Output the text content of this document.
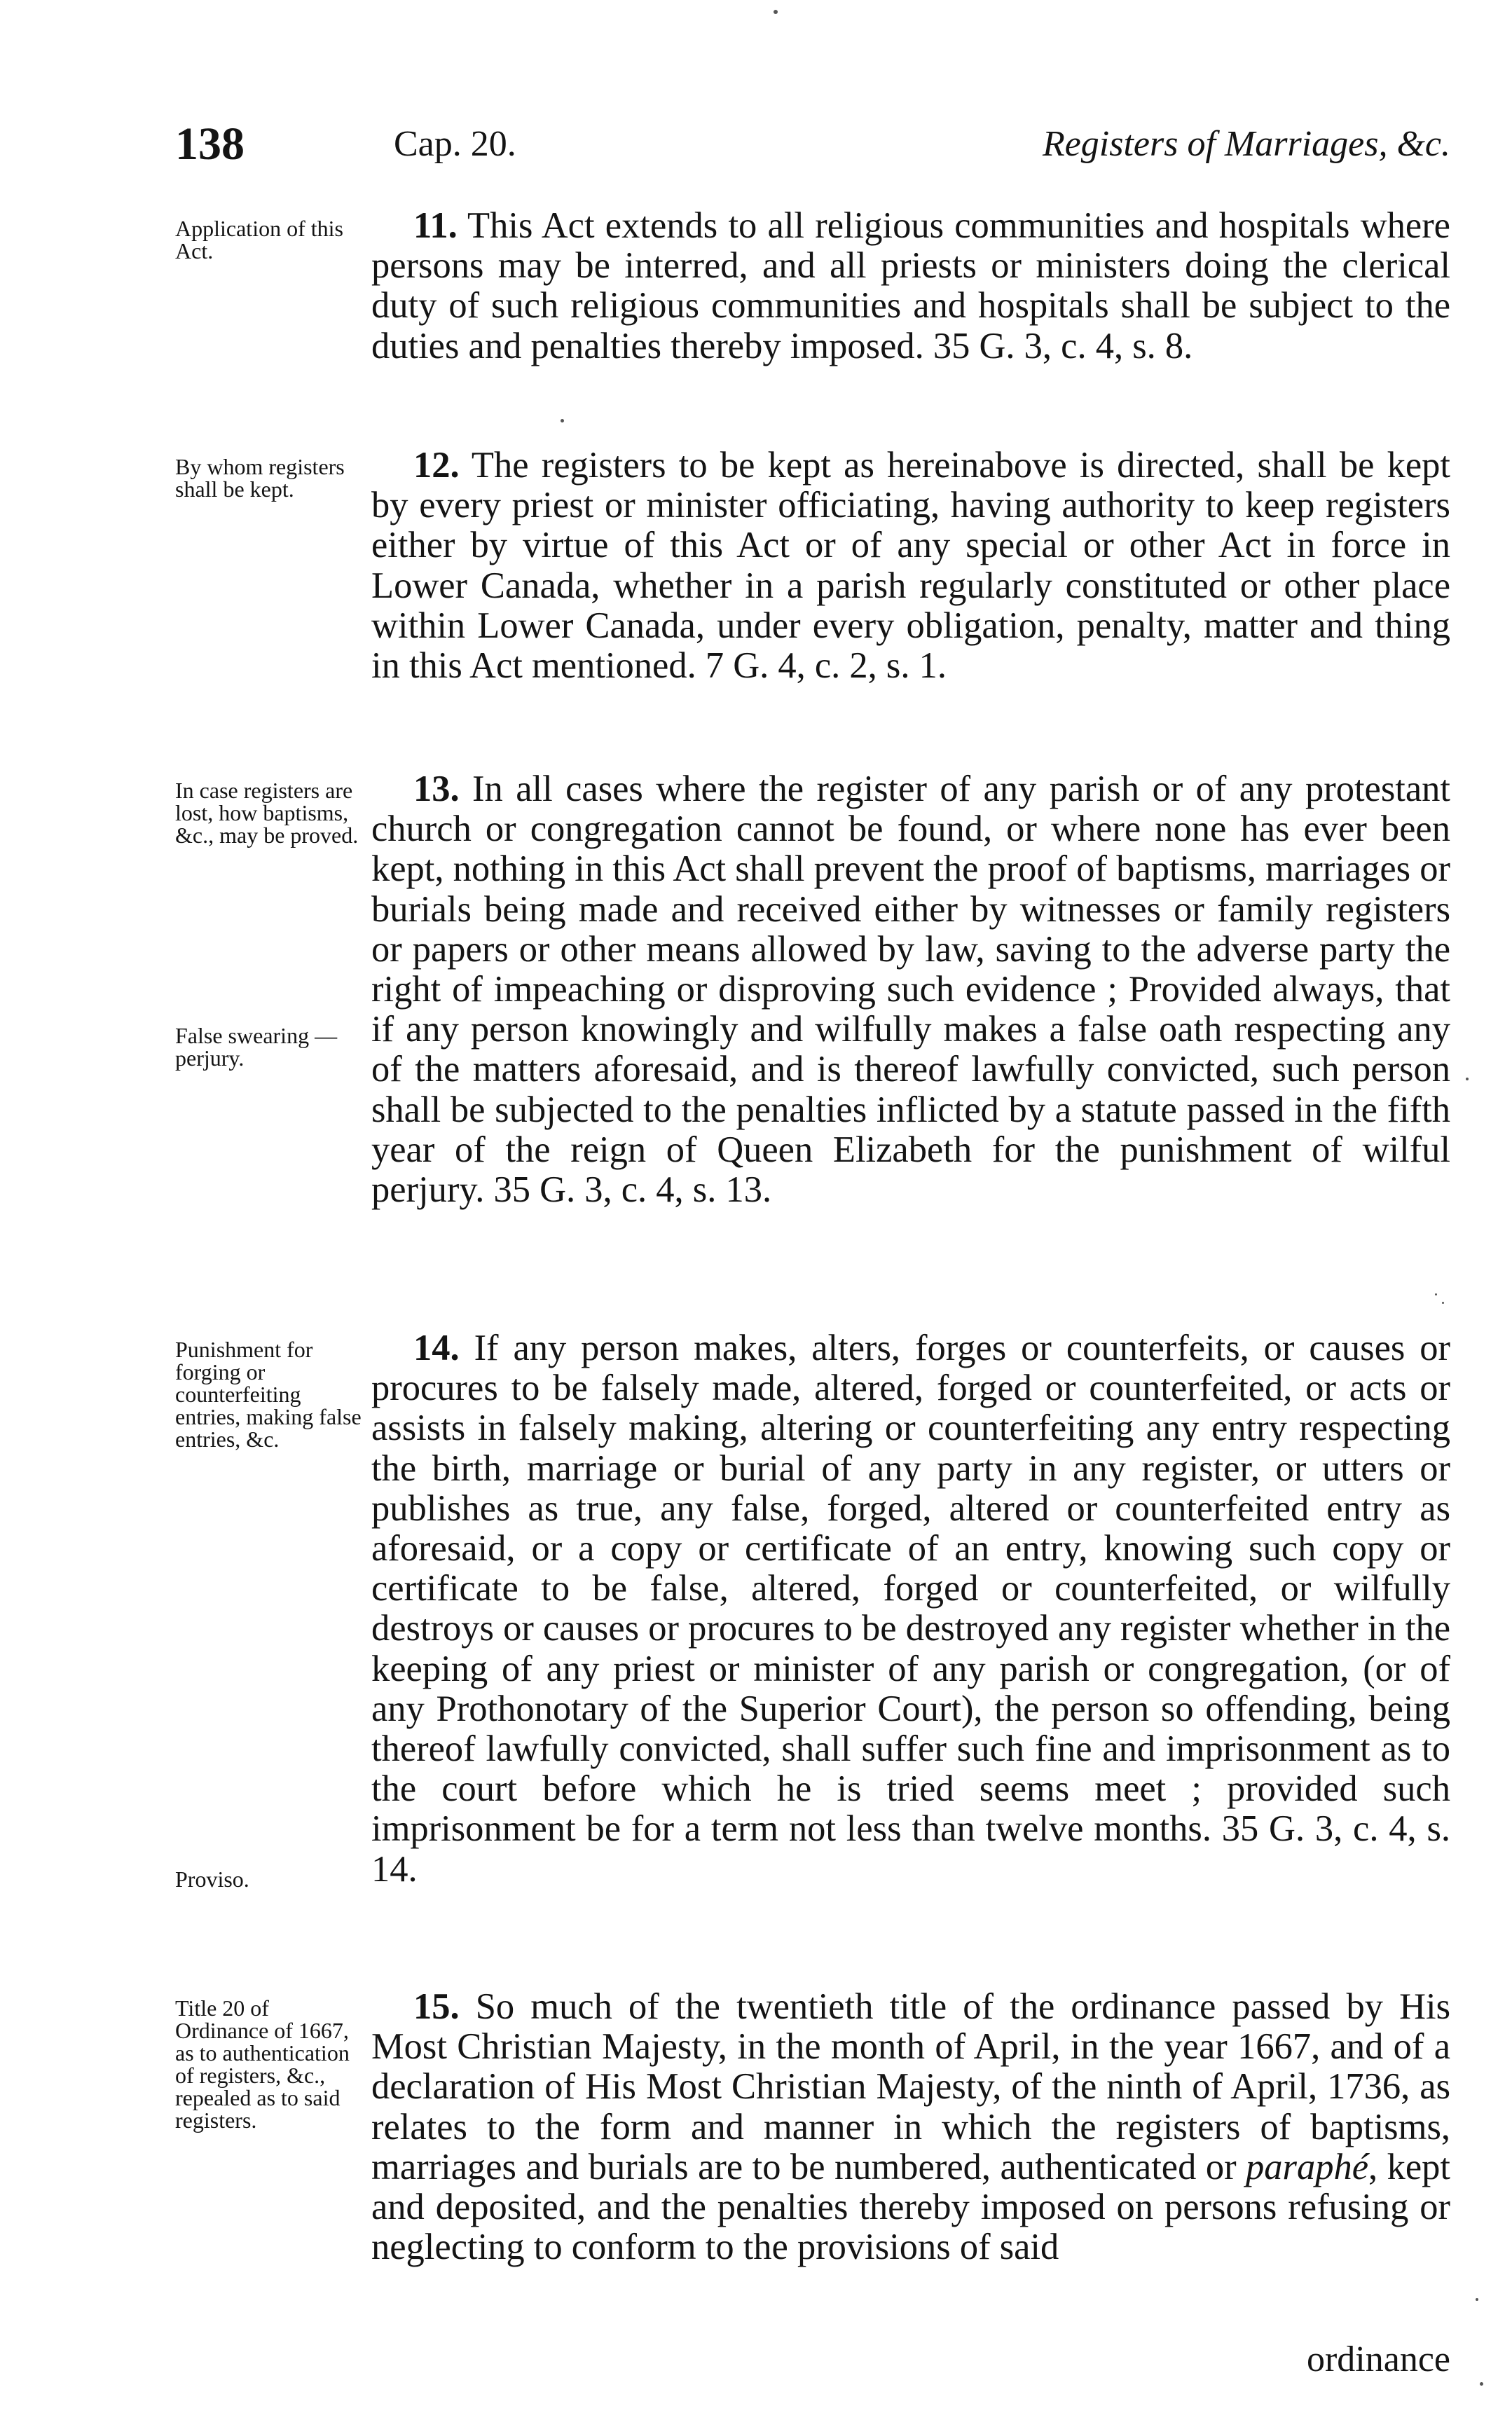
138	Cap. 20.	Registers of Marriages, &c.
Application of this Act.
11. This Act extends to all religious communities and hospitals where persons may be interred, and all priests or ministers doing the clerical duty of such religious communities and hospitals shall be subject to the duties and penalties thereby imposed. 35 G. 3, c. 4, s. 8.
By whom registers shall be kept.
12. The registers to be kept as hereinabove is directed, shall be kept by every priest or minister officiating, having authority to keep registers either by virtue of this Act or of any special or other Act in force in Lower Canada, whether in a parish regularly constituted or other place within Lower Canada, under every obligation, penalty, matter and thing in this Act mentioned. 7 G. 4, c. 2, s. 1.
In case registers are lost, how baptisms, &c., may be proved.
False swearing —perjury.
13. In all cases where the register of any parish or of any protestant church or congregation cannot be found, or where none has ever been kept, nothing in this Act shall prevent the proof of baptisms, marriages or burials being made and received either by witnesses or family registers or papers or other means allowed by law, saving to the adverse party the right of impeaching or disproving such evidence ; Provided always, that if any person knowingly and wilfully makes a false oath respecting any of the matters aforesaid, and is thereof lawfully convicted, such person shall be subjected to the penalties inflicted by a statute passed in the fifth year of the reign of Queen Elizabeth for the punishment of wilful perjury. 35 G. 3, c. 4, s. 13.
Punishment for forging or counterfeiting entries, making false entries, &c.
Proviso.
14. If any person makes, alters, forges or counterfeits, or causes or procures to be falsely made, altered, forged or counterfeited, or acts or assists in falsely making, altering or counterfeiting any entry respecting the birth, marriage or burial of any party in any register, or utters or publishes as true, any false, forged, altered or counterfeited entry as aforesaid, or a copy or certificate of an entry, knowing such copy or certificate to be false, altered, forged or counterfeited, or wilfully destroys or causes or procures to be destroyed any register whether in the keeping of any priest or minister of any parish or congregation, (or of any Prothonotary of the Superior Court), the person so offending, being thereof lawfully convicted, shall suffer such fine and imprisonment as to the court before which he is tried seems meet ; provided such imprisonment be for a term not less than twelve months. 35 G. 3, c. 4, s. 14.
Title 20 of Ordinance of 1667, as to authentication of registers, &c., repealed as to said registers.
15. So much of the twentieth title of the ordinance passed by His Most Christian Majesty, in the month of April, in the year 1667, and of a declaration of His Most Christian Majesty, of the ninth of April, 1736, as relates to the form and manner in which the registers of baptisms, marriages and burials are to be numbered, authenticated or paraphé, kept and deposited, and the penalties thereby imposed on persons refusing or neglecting to conform to the provisions of said
ordinance
